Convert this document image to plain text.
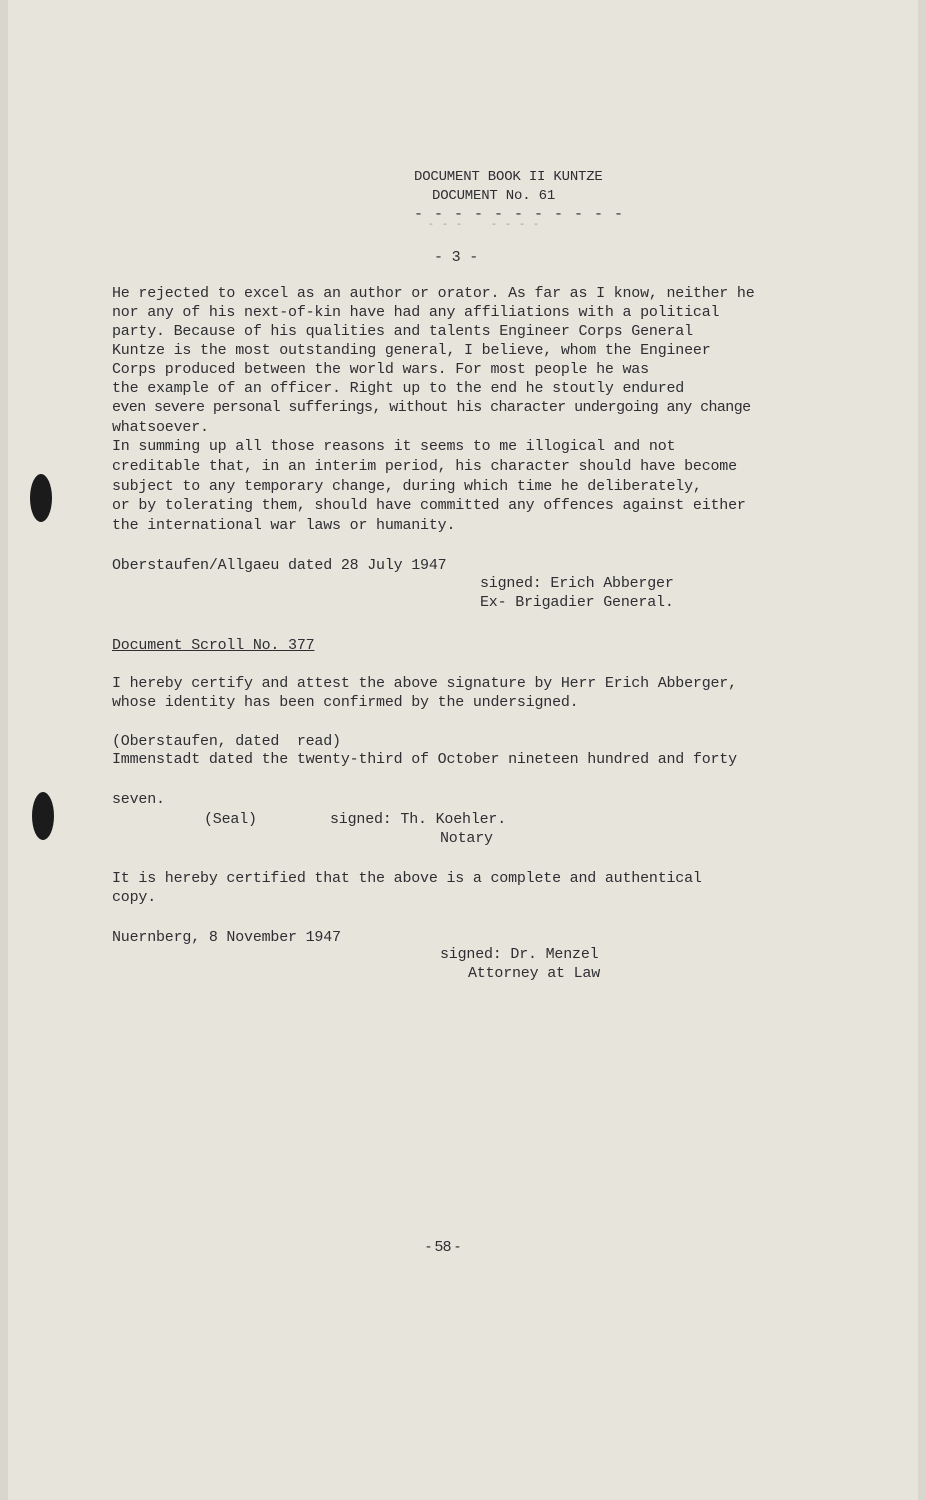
DOCUMENT BOOK II KUNTZE
DOCUMENT No. 61
- - - - - - - - - - -
- - -    - - - -
- 3 -
He rejected to excel as an author or orator. As far as I know, neither he
nor any of his next-of-kin have had any affiliations with a political
party. Because of his qualities and talents Engineer Corps General
Kuntze is the most outstanding general, I believe, whom the Engineer
Corps produced between the world wars. For most people he was
the example of an officer. Right up to the end he stoutly endured
even severe personal sufferings, without his character undergoing any change
whatsoever.
In summing up all those reasons it seems to me illogical and not
creditable that, in an interim period, his character should have become
subject to any temporary change, during which time he deliberately,
or by tolerating them, should have committed any offences against either
the international war laws or humanity.
Oberstaufen/Allgaeu dated 28 July 1947
signed: Erich Abberger
Ex- Brigadier General.
Document Scroll No. 377
I hereby certify and attest the above signature by Herr Erich Abberger,
whose identity has been confirmed by the undersigned.
(Oberstaufen, dated  read)
Immenstadt dated the twenty-third of October nineteen hundred and forty
seven.
(Seal)	signed: Th. Koehler.
Notary
It is hereby certified that the above is a complete and authentical
copy.
Nuernberg, 8 November 1947
signed: Dr. Menzel
Attorney at Law
- 58 -
